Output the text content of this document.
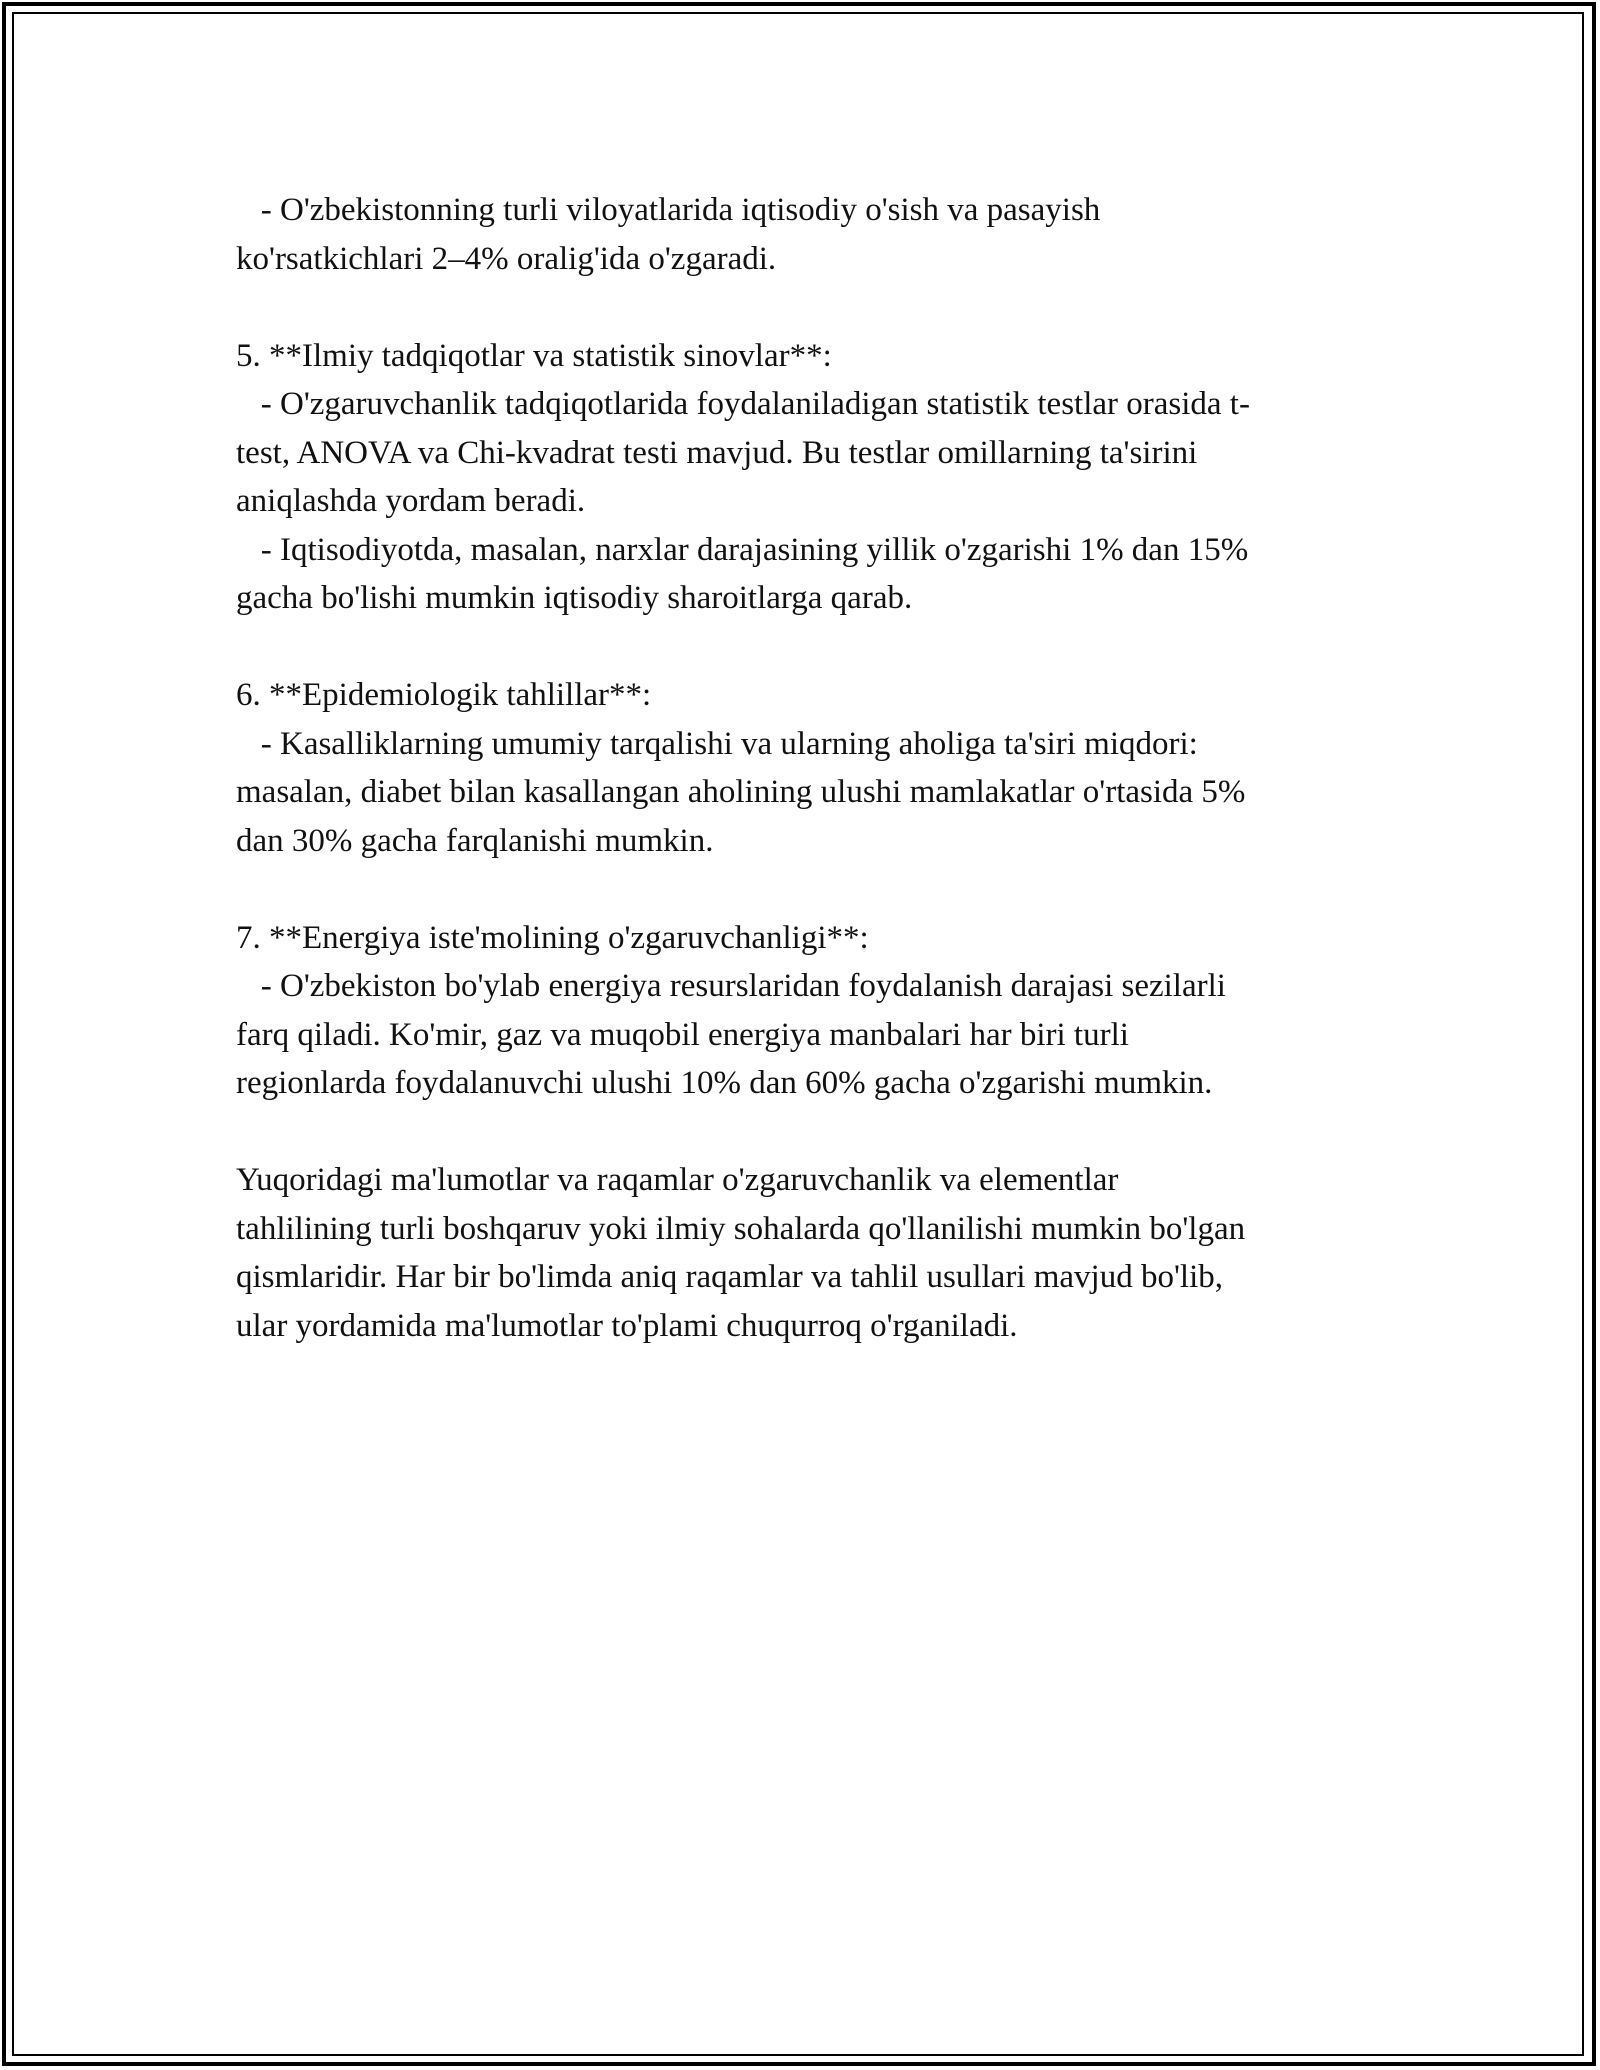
- O'zbekistonning turli viloyatlarida iqtisodiy o'sish va pasayish
ko'rsatkichlari 2–4% oralig'ida o'zgaradi.
5. **Ilmiy tadqiqotlar va statistik sinovlar**:
- O'zgaruvchanlik tadqiqotlarida foydalaniladigan statistik testlar orasida t-
test, ANOVA va Chi-kvadrat testi mavjud. Bu testlar omillarning ta'sirini
aniqlashda yordam beradi.
- Iqtisodiyotda, masalan, narxlar darajasining yillik o'zgarishi 1% dan 15%
gacha bo'lishi mumkin iqtisodiy sharoitlarga qarab.
6. **Epidemiologik tahlillar**:
- Kasalliklarning umumiy tarqalishi va ularning aholiga ta'siri miqdori:
masalan, diabet bilan kasallangan aholining ulushi mamlakatlar o'rtasida 5%
dan 30% gacha farqlanishi mumkin.
7. **Energiya iste'molining o'zgaruvchanligi**:
- O'zbekiston bo'ylab energiya resurslaridan foydalanish darajasi sezilarli
farq qiladi. Ko'mir, gaz va muqobil energiya manbalari har biri turli
regionlarda foydalanuvchi ulushi 10% dan 60% gacha o'zgarishi mumkin.
Yuqoridagi ma'lumotlar va raqamlar o'zgaruvchanlik va elementlar
tahlilining turli boshqaruv yoki ilmiy sohalarda qo'llanilishi mumkin bo'lgan
qismlaridir. Har bir bo'limda aniq raqamlar va tahlil usullari mavjud bo'lib,
ular yordamida ma'lumotlar to'plami chuqurroq o'rganiladi.
